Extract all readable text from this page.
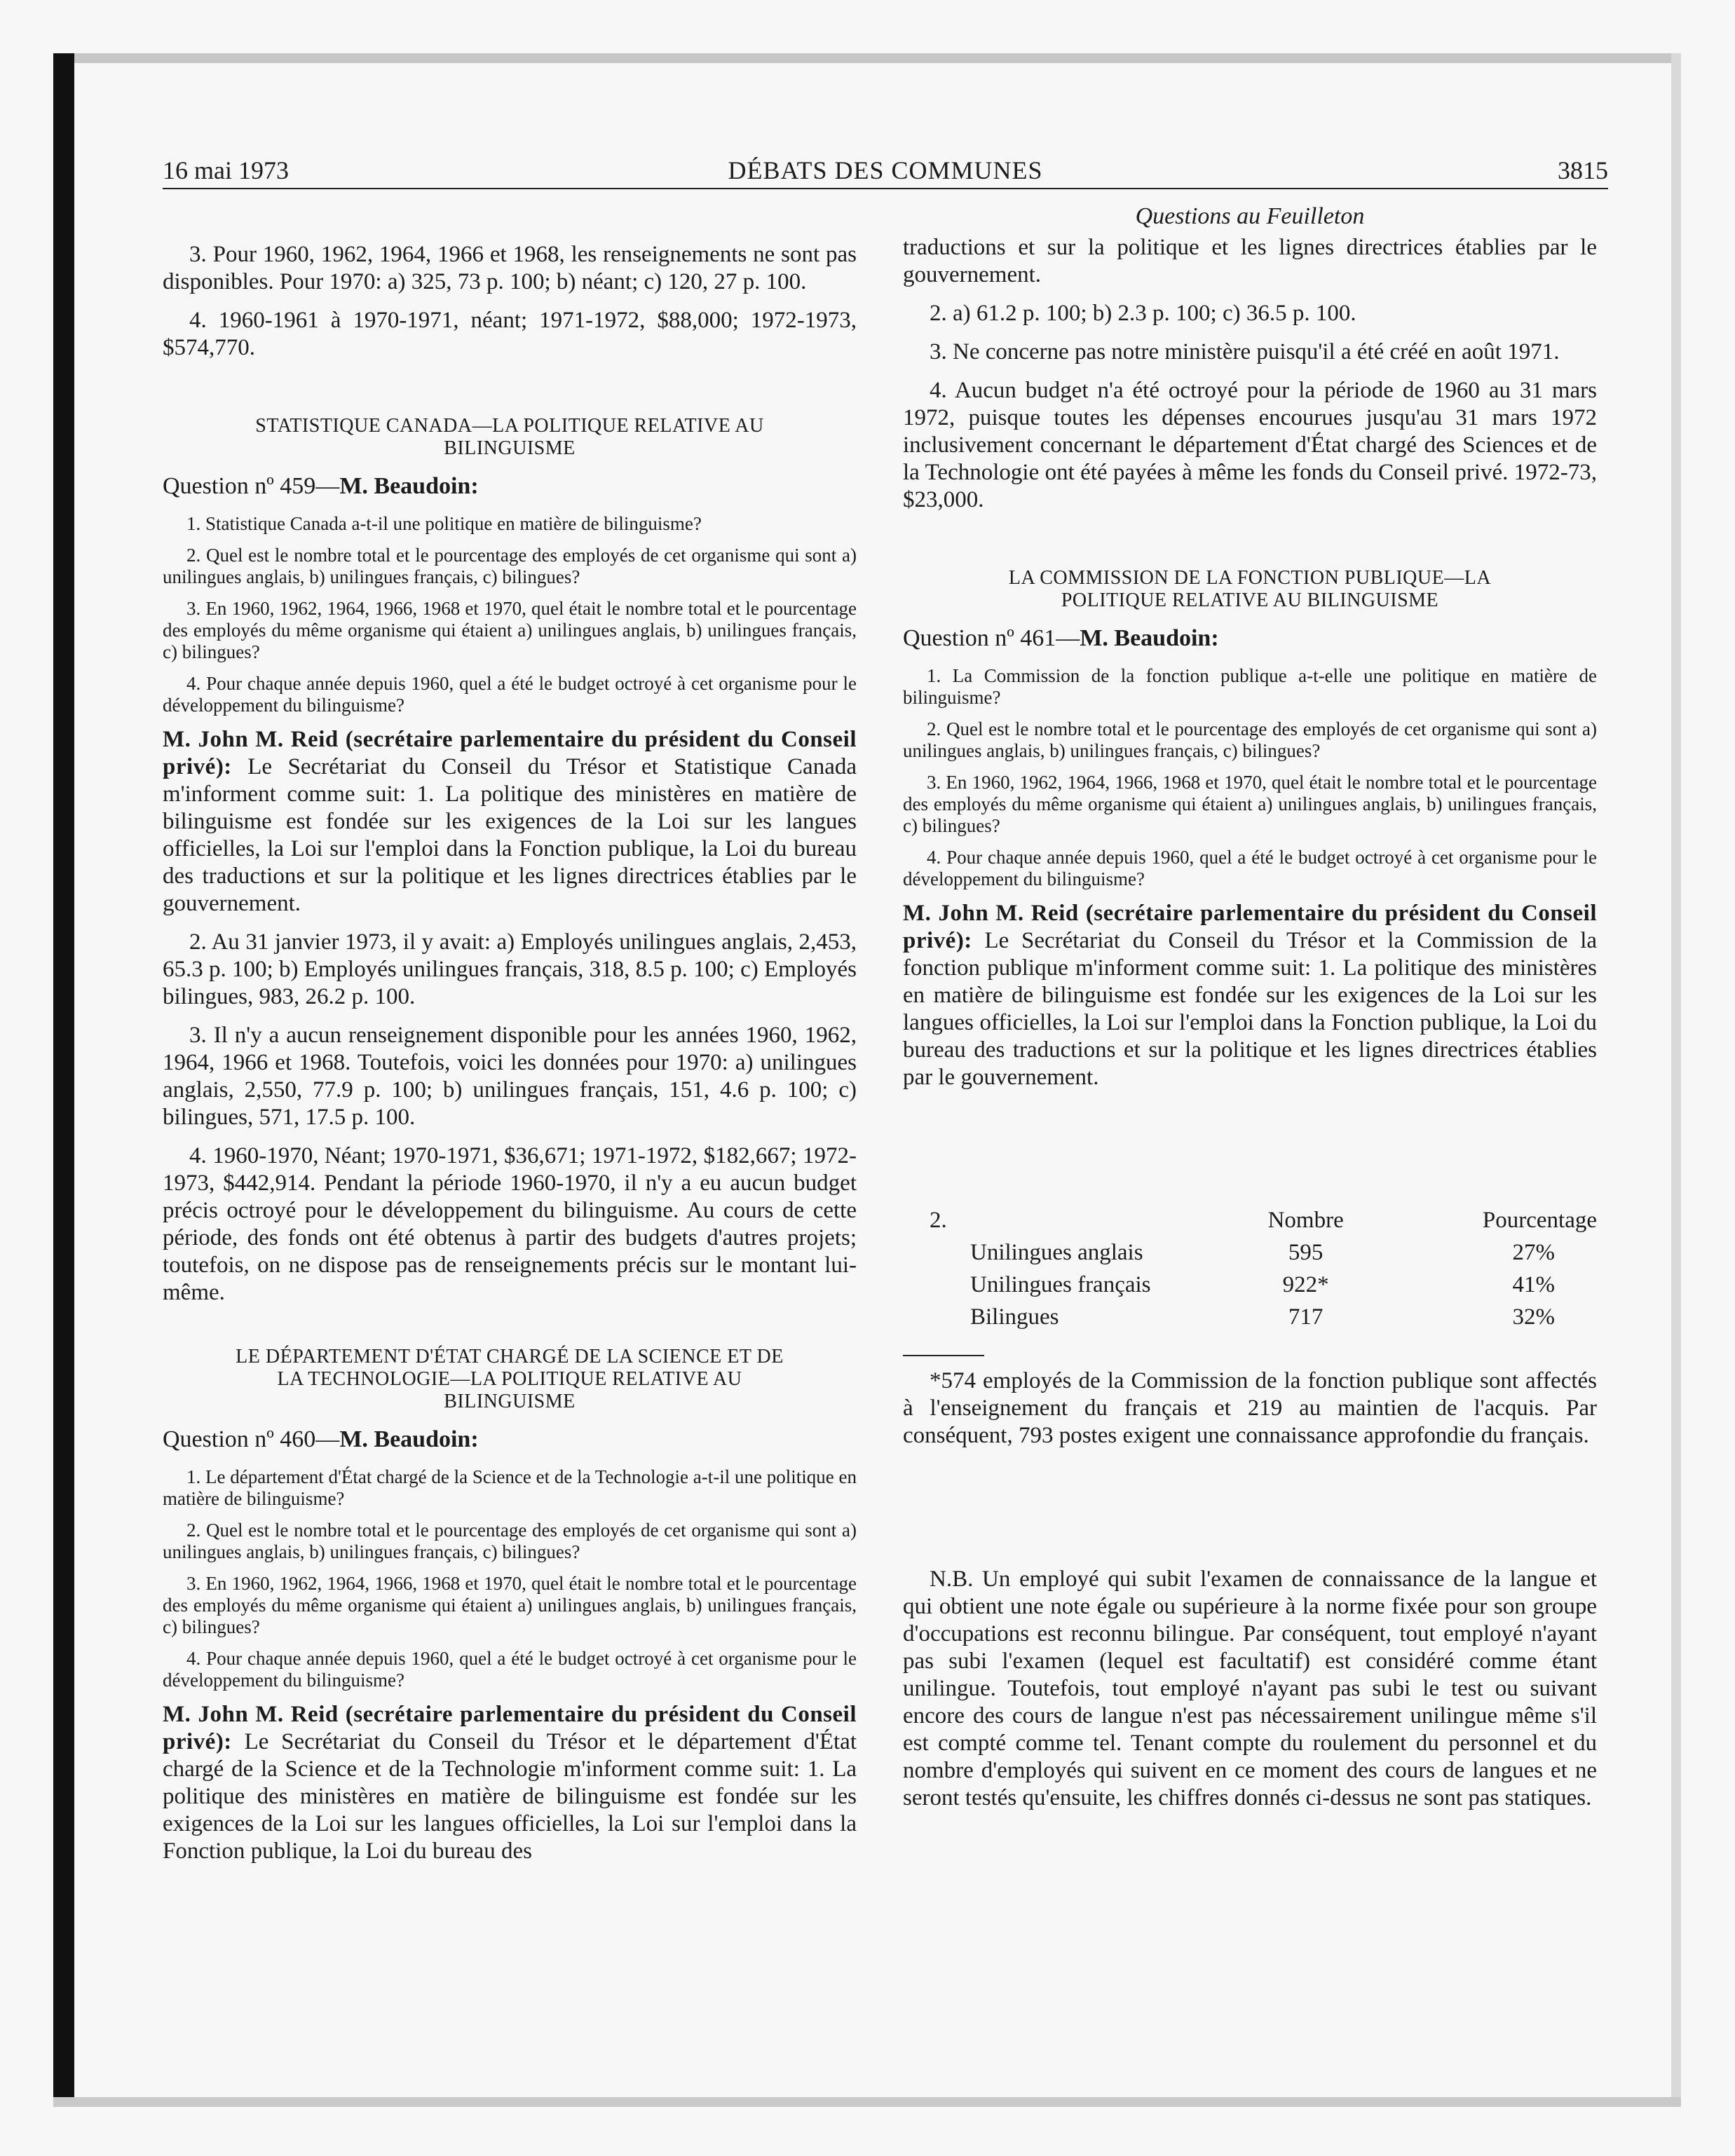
DÉBATS DES COMMUNES
16 mai 1973	3815

3. Pour 1960, 1962, 1964, 1966 et 1968, les renseignements ne sont pas disponibles. Pour 1970: a) 325, 73 p. 100; b) néant; c) 120, 27 p. 100.

4. 1960-1961 à 1970-1971, néant; 1971-1972, $88,000; 1972-1973, $574,770.

STATISTIQUE CANADA—LA POLITIQUE RELATIVE AU
BILINGUISME
Question nº 459—M. Beaudoin:

1. Statistique Canada a-t-il une politique en matière de bilinguisme?

2. Quel est le nombre total et le pourcentage des employés de cet organisme qui sont a) unilingues anglais, b) unilingues français, c) bilingues?

3. En 1960, 1962, 1964, 1966, 1968 et 1970, quel était le nombre total et le pourcentage des employés du même organisme qui étaient a) unilingues anglais, b) unilingues français, c) bilingues?

4. Pour chaque année depuis 1960, quel a été le budget octroyé à cet organisme pour le développement du bilinguisme?

M. John M. Reid (secrétaire parlementaire du président du Conseil privé): Le Secrétariat du Conseil du Trésor et Statistique Canada m'informent comme suit: 1. La politique des ministères en matière de bilinguisme est fondée sur les exigences de la Loi sur les langues officielles, la Loi sur l'emploi dans la Fonction publique, la Loi du bureau des traductions et sur la politique et les lignes directrices établies par le gouvernement.

2. Au 31 janvier 1973, il y avait: a) Employés unilingues anglais, 2,453, 65.3 p. 100; b) Employés unilingues français, 318, 8.5 p. 100; c) Employés bilingues, 983, 26.2 p. 100.

3. Il n'y a aucun renseignement disponible pour les années 1960, 1962, 1964, 1966 et 1968. Toutefois, voici les données pour 1970: a) unilingues anglais, 2,550, 77.9 p. 100; b) unilingues français, 151, 4.6 p. 100; c) bilingues, 571, 17.5 p. 100.

4. 1960-1970, Néant; 1970-1971, $36,671; 1971-1972, $182,667; 1972-1973, $442,914. Pendant la période 1960-1970, il n'y a eu aucun budget précis octroyé pour le développement du bilinguisme. Au cours de cette période, des fonds ont été obtenus à partir des budgets d'autres projets; toutefois, on ne dispose pas de renseignements précis sur le montant lui-même.

LE DÉPARTEMENT D'ÉTAT CHARGÉ DE LA SCIENCE ET DE
LA TECHNOLOGIE—LA POLITIQUE RELATIVE AU
BILINGUISME
Question nº 460—M. Beaudoin:

1. Le département d'État chargé de la Science et de la Technologie a-t-il une politique en matière de bilinguisme?

2. Quel est le nombre total et le pourcentage des employés de cet organisme qui sont a) unilingues anglais, b) unilingues français, c) bilingues?

3. En 1960, 1962, 1964, 1966, 1968 et 1970, quel était le nombre total et le pourcentage des employés du même organisme qui étaient a) unilingues anglais, b) unilingues français, c) bilingues?

4. Pour chaque année depuis 1960, quel a été le budget octroyé à cet organisme pour le développement du bilinguisme?

M. John M. Reid (secrétaire parlementaire du président du Conseil privé): Le Secrétariat du Conseil du Trésor et le département d'État chargé de la Science et de la Technologie m'informent comme suit: 1. La politique des ministères en matière de bilinguisme est fondée sur les exigences de la Loi sur les langues officielles, la Loi sur l'emploi dans la Fonction publique, la Loi du bureau des

Questions au Feuilleton

traductions et sur la politique et les lignes directrices établies par le gouvernement.

2. a) 61.2 p. 100; b) 2.3 p. 100; c) 36.5 p. 100.

3. Ne concerne pas notre ministère puisqu'il a été créé en août 1971.

4. Aucun budget n'a été octroyé pour la période de 1960 au 31 mars 1972, puisque toutes les dépenses encourues jusqu'au 31 mars 1972 inclusivement concernant le département d'État chargé des Sciences et de la Technologie ont été payées à même les fonds du Conseil privé. 1972-73, $23,000.

LA COMMISSION DE LA FONCTION PUBLIQUE—LA
POLITIQUE RELATIVE AU BILINGUISME
Question nº 461—M. Beaudoin:

1. La Commission de la fonction publique a-t-elle une politique en matière de bilinguisme?

2. Quel est le nombre total et le pourcentage des employés de cet organisme qui sont a) unilingues anglais, b) unilingues français, c) bilingues?

3. En 1960, 1962, 1964, 1966, 1968 et 1970, quel était le nombre total et le pourcentage des employés du même organisme qui étaient a) unilingues anglais, b) unilingues français, c) bilingues?

4. Pour chaque année depuis 1960, quel a été le budget octroyé à cet organisme pour le développement du bilinguisme?

M. John M. Reid (secrétaire parlementaire du président du Conseil privé): Le Secrétariat du Conseil du Trésor et la Commission de la fonction publique m'informent comme suit: 1. La politique des ministères en matière de bilinguisme est fondée sur les exigences de la Loi sur les langues officielles, la Loi sur l'emploi dans la Fonction publique, la Loi du bureau des traductions et sur la politique et les lignes directrices établies par le gouvernement.

2.	Nombre	Pourcentage
Unilingues anglais	595	27%
Unilingues français	922*	41%
Bilingues	717	32%

*574 employés de la Commission de la fonction publique sont affectés à l'enseignement du français et 219 au maintien de l'acquis. Par conséquent, 793 postes exigent une connaissance approfondie du français.

N.B. Un employé qui subit l'examen de connaissance de la langue et qui obtient une note égale ou supérieure à la norme fixée pour son groupe d'occupations est reconnu bilingue. Par conséquent, tout employé n'ayant pas subi l'examen (lequel est facultatif) est considéré comme étant unilingue. Toutefois, tout employé n'ayant pas subi le test ou suivant encore des cours de langue n'est pas nécessairement unilingue même s'il est compté comme tel. Tenant compte du roulement du personnel et du nombre d'employés qui suivent en ce moment des cours de langues et ne seront testés qu'ensuite, les chiffres donnés ci-dessus ne sont pas statiques.
